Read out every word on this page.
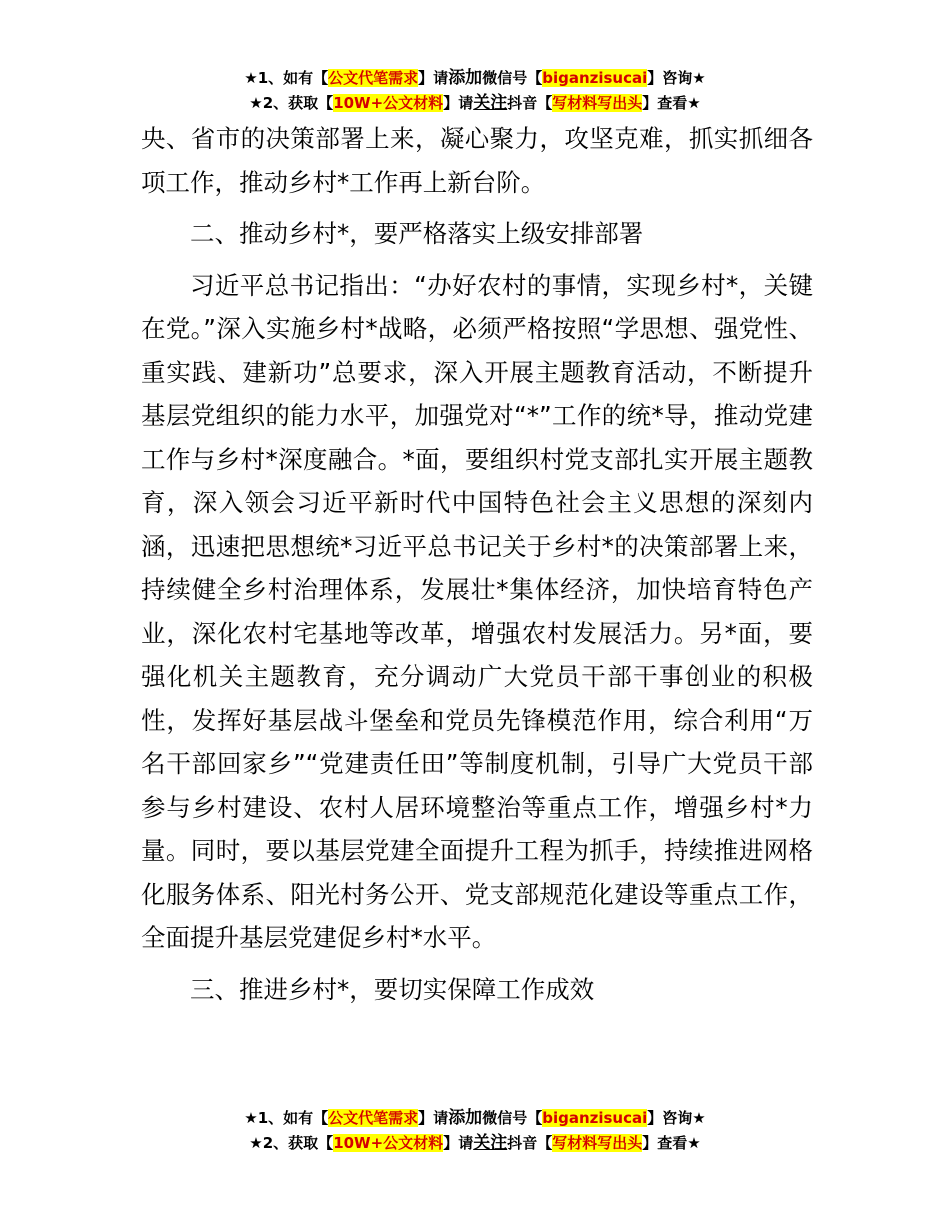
★1、如有【公文代笔需求】请添加微信号【biganzisucai】咨询★
★2、获取【10W+公文材料】请关注抖音【写材料写出头】查看★

央、省市的决策部署上来，凝心聚力，攻坚克难，抓实抓细各项工作，推动乡村*工作再上新台阶。

二、推动乡村*，要严格落实上级安排部署

习近平总书记指出：“办好农村的事情，实现乡村*，关键在党。”深入实施乡村*战略，必须严格按照“学思想、强党性、重实践、建新功”总要求，深入开展主题教育活动，不断提升基层党组织的能力水平，加强党对“*”工作的统*导，推动党建工作与乡村*深度融合。*面，要组织村党支部扎实开展主题教育，深入领会习近平新时代中国特色社会主义思想的深刻内涵，迅速把思想统*习近平总书记关于乡村*的决策部署上来，持续健全乡村治理体系，发展壮*集体经济，加快培育特色产业，深化农村宅基地等改革，增强农村发展活力。另*面，要强化机关主题教育，充分调动广大党员干部干事创业的积极性，发挥好基层战斗堡垒和党员先锋模范作用，综合利用“万名干部回家乡”“党建责任田”等制度机制，引导广大党员干部参与乡村建设、农村人居环境整治等重点工作，增强乡村*力量。同时，要以基层党建全面提升工程为抓手，持续推进网格化服务体系、阳光村务公开、党支部规范化建设等重点工作，全面提升基层党建促乡村*水平。

三、推进乡村*，要切实保障工作成效

★1、如有【公文代笔需求】请添加微信号【biganzisucai】咨询★
★2、获取【10W+公文材料】请关注抖音【写材料写出头】查看★
